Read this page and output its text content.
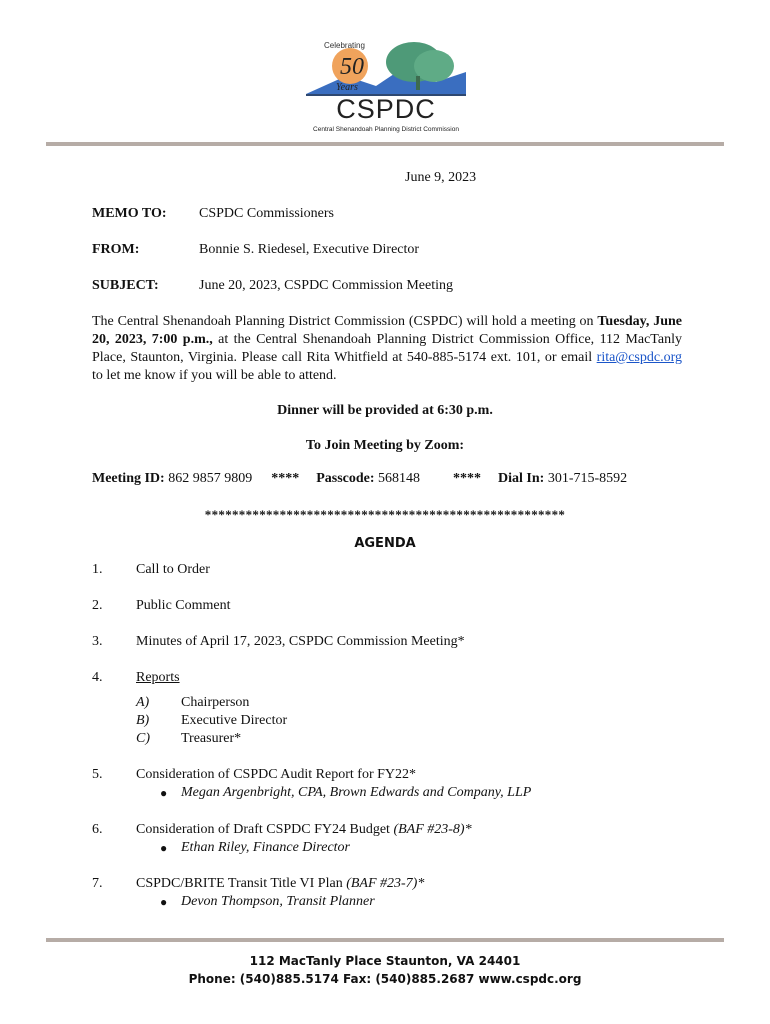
Celebrating
50
Years
CSPDC
Central Shenandoah Planning District Commission
June 9, 2023
MEMO TO: CSPDC Commissioners
FROM:	Bonnie S. Riedesel, Executive Director
SUBJECT:	June 20, 2023, CSPDC Commission Meeting
The Central Shenandoah Planning District Commission (CSPDC) will hold a meeting on Tuesday, June 20, 2023, 7:00 p.m., at the Central Shenandoah Planning District Commission Office, 112 MacTanly Place, Staunton, Virginia. Please call Rita Whitfield at 540-885-5174 ext. 101, or email rita@cspdc.org to let me know if you will be able to attend.
Dinner will be provided at 6:30 p.m.
To Join Meeting by Zoom:
Meeting ID: 862 9857 9809 **** Passcode: 568148 **** Dial In: 301-715-8592
*****************************************************
AGENDA
1. Call to Order
2. Public Comment
3. Minutes of April 17, 2023, CSPDC Commission Meeting*
4. Reports
A) Chairperson
B) Executive Director
C) Treasurer*
5. Consideration of CSPDC Audit Report for FY22*
● Megan Argenbright, CPA, Brown Edwards and Company, LLP
6. Consideration of Draft CSPDC FY24 Budget (BAF #23-8)*
● Ethan Riley, Finance Director
7. CSPDC/BRITE Transit Title VI Plan (BAF #23-7)*
● Devon Thompson, Transit Planner
112 MacTanly Place Staunton, VA 24401
Phone: (540)885.5174 Fax: (540)885.2687 www.cspdc.org
